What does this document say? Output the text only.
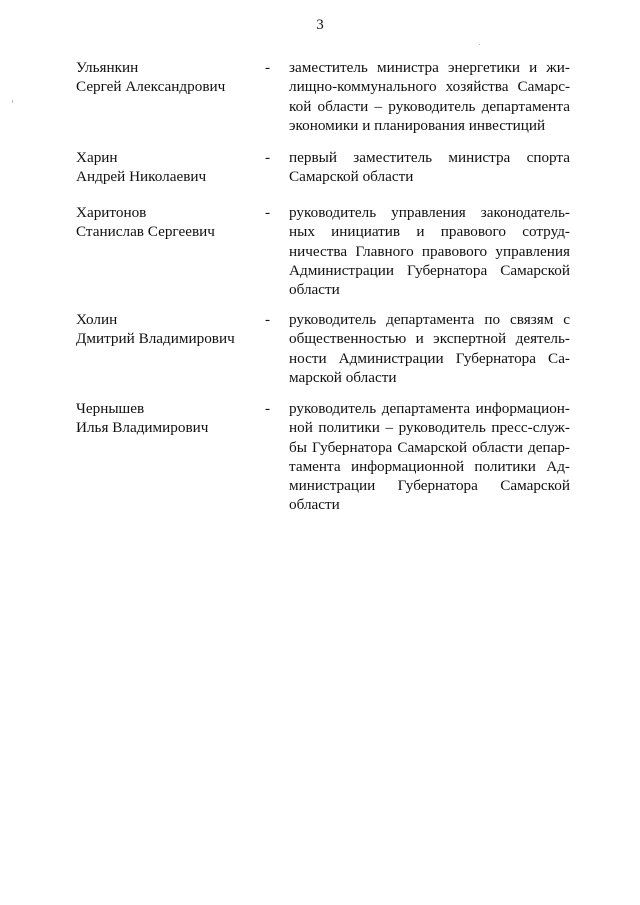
3
Ульянкин
Сергей Александрович
-	заместитель министра энергетики и жи-
лищно-коммунального хозяйства Самарс-
кой области – руководитель департамента
экономики и планирования инвестиций
Харин
Андрей Николаевич
-	первый заместитель министра спорта
Самарской области
Харитонов
Станислав Сергеевич
-	руководитель управления законодатель-
ных инициатив и правового сотруд-
ничества Главного правового управления
Администрации Губернатора Самарской
области
Холин
Дмитрий Владимирович
-	руководитель департамента по связям с
общественностью и экспертной деятель-
ности Администрации Губернатора Са-
марской области
Чернышев
Илья Владимирович
-	руководитель департамента информацион-
ной политики – руководитель пресс-служ-
бы Губернатора Самарской области депар-
тамента информационной политики Ад-
министрации Губернатора Самарской
области
